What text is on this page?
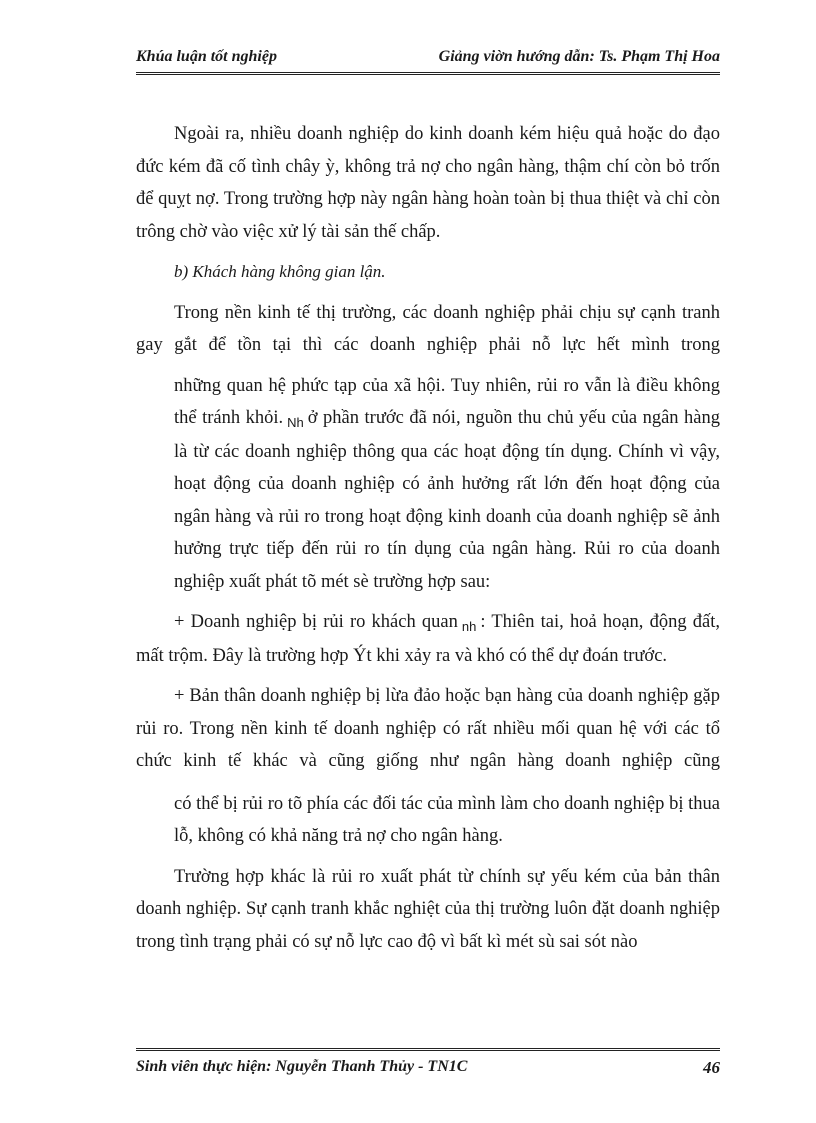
Khúa luận tốt nghiệp	Giảng viờn hướng dẫn: Ts. Phạm Thị Hoa

Ngoài ra, nhiều doanh nghiệp do kinh doanh kém hiệu quả hoặc do đạo đức kém đã cố tình chây ỳ, không trả nợ cho ngân hàng, thậm chí còn bỏ trốn để quỵt nợ. Trong trường hợp này ngân hàng hoàn toàn bị thua thiệt và chỉ còn trông chờ vào việc xử lý tài sản thế chấp.

b) Khách hàng không gian lận.

Trong nền kinh tế thị trường, các doanh nghiệp phải chịu sự cạnh tranh gay gắt để tồn tại thì các doanh nghiệp phải nỗ lực hết mình trong

những quan hệ phức tạp của xã hội. Tuy nhiên, rủi ro vẫn là điều không thể tránh khỏi. $_{Nh}$ ở phần trước đã nói, nguồn thu chủ yếu của ngân hàng là từ các doanh nghiệp thông qua các hoạt động tín dụng. Chính vì vậy, hoạt động của doanh nghiệp có ảnh hưởng rất lớn đến hoạt động của ngân hàng và rủi ro trong hoạt động kinh doanh của doanh nghiệp sẽ ảnh hưởng trực tiếp đến rủi ro tín dụng của ngân hàng. Rủi ro của doanh nghiệp xuất phát tõ mét sè trường hợp sau:

+ Doanh nghiệp bị rủi ro khách quan $_{nh}$ : Thiên tai, hoả hoạn, động đất, mất trộm. Đây là trường hợp Ýt khi xảy ra và khó có thể dự đoán trước.

+ Bản thân doanh nghiệp bị lừa đảo hoặc bạn hàng của doanh nghiệp gặp rủi ro. Trong nền kinh tế doanh nghiệp có rất nhiều mối quan hệ với các tổ chức kinh tế khác và cũng giống như ngân hàng doanh nghiệp cũng

có thể bị rủi ro tõ phía các đối tác của mình làm cho doanh nghiệp bị thua lỗ, không có khả năng trả nợ cho ngân hàng.

Trường hợp khác là rủi ro xuất phát từ chính sự yếu kém của bản thân doanh nghiệp. Sự cạnh tranh khắc nghiệt của thị trường luôn đặt doanh nghiệp trong tình trạng phải có sự nỗ lực cao độ vì bất kì mét sù sai sót nào

Sinh viên thực hiện: Nguyễn Thanh Thủy - TN1C	46
